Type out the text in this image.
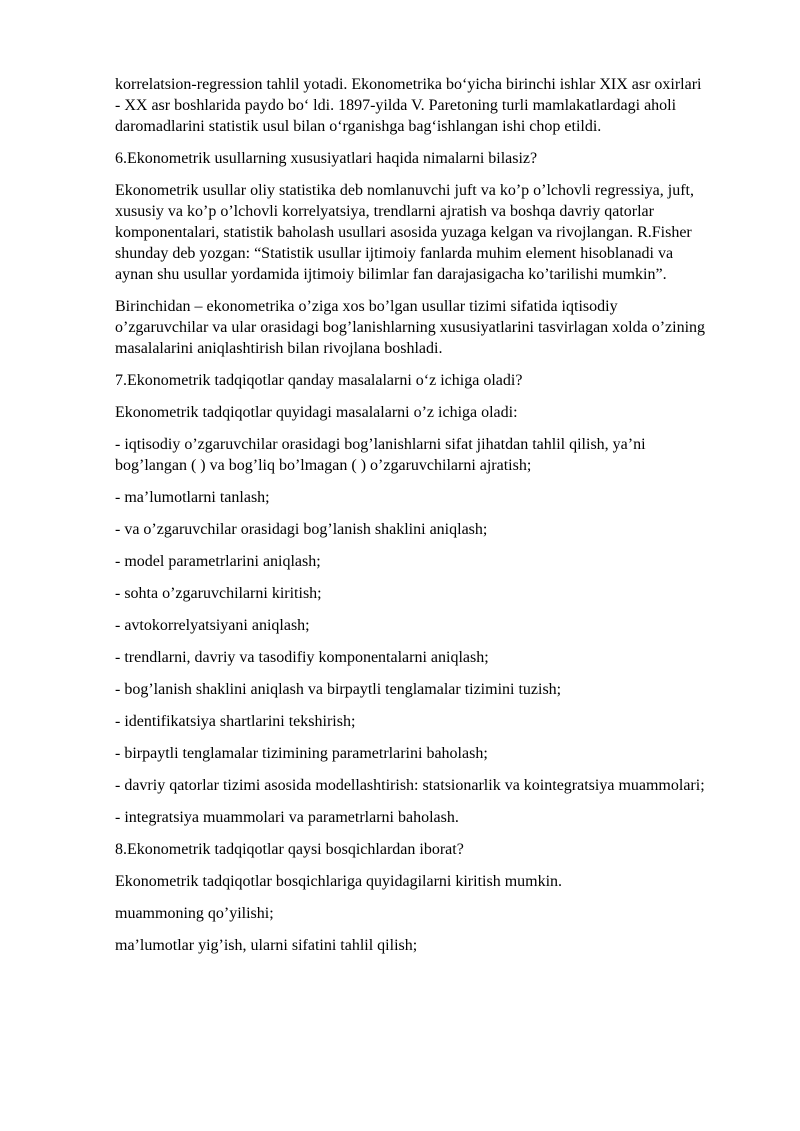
korrelatsion-regression tahlil yotadi. Ekonometrika bo‘yicha birinchi ishlar XIX asr oxirlari - XX asr boshlarida paydo bo‘ ldi. 1897-yilda V. Paretoning turli mamlakatlardagi aholi daromadlarini statistik usul bilan o‘rganishga bag‘ishlangan ishi chop etildi.

6.Ekonometrik usullarning xususiyatlari haqida nimalarni bilasiz?

Ekonometrik usullar oliy statistika deb nomlanuvchi juft va ko’p o’lchovli regressiya, juft, xususiy va ko’p o’lchovli korrelyatsiya, trendlarni ajratish va boshqa davriy qatorlar komponentalari, statistik baholash usullari asosida yuzaga kelgan va rivojlangan. R.Fisher shunday deb yozgan: “Statistik usullar ijtimoiy fanlarda muhim element hisoblanadi va aynan shu usullar yordamida ijtimoiy bilimlar fan darajasigacha ko’tarilishi mumkin”.

Birinchidan – ekonometrika o’ziga xos bo’lgan usullar tizimi sifatida iqtisodiy o’zgaruvchilar va ular orasidagi bog’lanishlarning xususiyatlarini tasvirlagan xolda o’zining masalalarini aniqlashtirish bilan rivojlana boshladi.

7.Ekonometrik tadqiqotlar qanday masalalarni o‘z ichiga oladi?

Ekonometrik tadqiqotlar quyidagi masalalarni o’z ichiga oladi:

- iqtisodiy o’zgaruvchilar orasidagi bog’lanishlarni sifat jihatdan tahlil qilish, ya’ni bog’langan ( ) va bog’liq bo’lmagan ( ) o’zgaruvchilarni ajratish;

- ma’lumotlarni tanlash;

- va o’zgaruvchilar orasidagi bog’lanish shaklini aniqlash;

- model parametrlarini aniqlash;

- sohta o’zgaruvchilarni kiritish;

- avtokorrelyatsiyani aniqlash;

- trendlarni, davriy va tasodifiy komponentalarni aniqlash;

- bog’lanish shaklini aniqlash va birpaytli tenglamalar tizimini tuzish;

- identifikatsiya shartlarini tekshirish;

- birpaytli tenglamalar tizimining parametrlarini baholash;

- davriy qatorlar tizimi asosida modellashtirish: statsionarlik va kointegratsiya muammolari;

- integratsiya muammolari va parametrlarni baholash.

8.Ekonometrik tadqiqotlar qaysi bosqichlardan iborat?

Ekonometrik tadqiqotlar bosqichlariga quyidagilarni kiritish mumkin.

muammoning qo’yilishi;

ma’lumotlar yig’ish, ularni sifatini tahlil qilish;
